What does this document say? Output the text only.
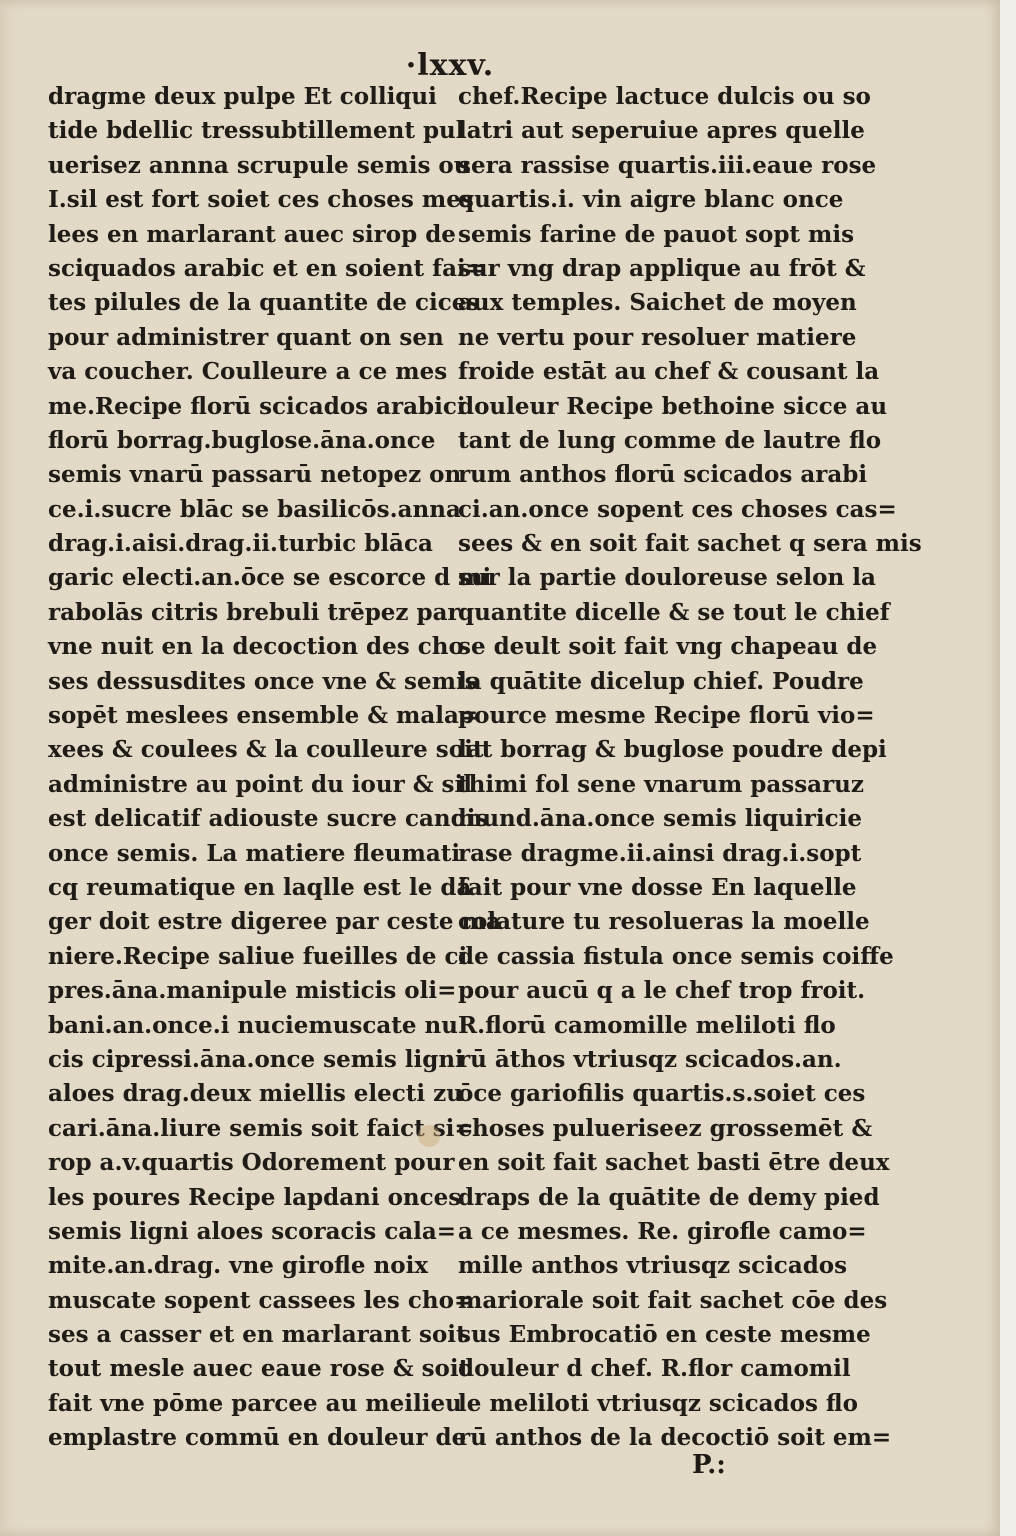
·lxxv.
dragme deux pulpe Et colliqui
tide bdellic tressubtillement pul
uerisez annna scrupule semis ou
I.sil est fort soiet ces choses mes
lees en marlarant auec sirop de
sciquados arabic et en soient fai=
tes pilules de la quantite de cices
pour administrer quant on sen
va coucher. Coulleure a ce mes
me.Recipe florū scicados arabici
florū borrag.buglose.āna.once
semis vnarū passarū netopez on
ce.i.sucre blāc se basilicōs.anna
drag.i.aisi.drag.ii.turbic blāca
garic electi.an.ōce se escorce d mi
rabolās citris brebuli trēpez par
vne nuit en la decoction des cho
ses dessusdites once vne & semis
sopēt meslees ensemble & mala=
xees & coulees & la coulleure soit
administre au point du iour & sil
est delicatif adiouste sucre candis
once semis. La matiere fleumati
cq reumatique en laqlle est le dā
ger doit estre digeree par ceste ma
niere.Recipe saliue fueilles de ci
pres.āna.manipule misticis oli=
bani.an.once.i nuciemuscate nu
cis cipressi.āna.once semis ligni
aloes drag.deux miellis electi zu
cari.āna.liure semis soit faict si=
rop a.v.quartis Odorement pour
les poures Recipe lapdani onces
semis ligni aloes scoracis cala=
mite.an.drag. vne girofle noix
muscate sopent cassees les cho=
ses a casser et en marlarant soit
tout mesle auec eaue rose & soit
fait vne pōme parcee au meilieu
emplastre commū en douleur de
chef.Recipe lactuce dulcis ou so
latri aut seperuiue apres quelle
sera rassise quartis.iii.eaue rose
quartis.i. vin aigre blanc once
semis farine de pauot sopt mis
sur vng drap applique au frōt &
aux temples. Saichet de moyen
ne vertu pour resoluer matiere
froide estāt au chef & cousant la
douleur Recipe bethoine sicce au
tant de lung comme de lautre flo
rum anthos florū scicados arabi
ci.an.once sopent ces choses cas=
sees & en soit fait sachet q sera mis
sur la partie douloreuse selon la
quantite dicelle & se tout le chief
se deult soit fait vng chapeau de
la quātite dicelup chief. Poudre
pource mesme Recipe florū vio=
lat borrag & buglose poudre depi
thimi fol sene vnarum passaruz
mund.āna.once semis liquiricie
rase dragme.ii.ainsi drag.i.sopt
fait pour vne dosse En laquelle
colature tu resolueras la moelle
de cassia fistula once semis coiffe
pour aucū q a le chef trop froit.
R.florū camomille meliloti flo
rū āthos vtriusqz scicados.an.
ōce gariofilis quartis.s.soiet ces
choses pulueriseez grossemēt &
en soit fait sachet basti ētre deux
draps de la quātite de demy pied
a ce mesmes. Re. girofle camo=
mille anthos vtriusqz scicados
mariorale soit fait sachet cōe des
sus Embrocatiō en ceste mesme
douleur d chef. R.flor camomil
le meliloti vtriusqz scicados flo
rū anthos de la decoctiō soit em=
P.:
